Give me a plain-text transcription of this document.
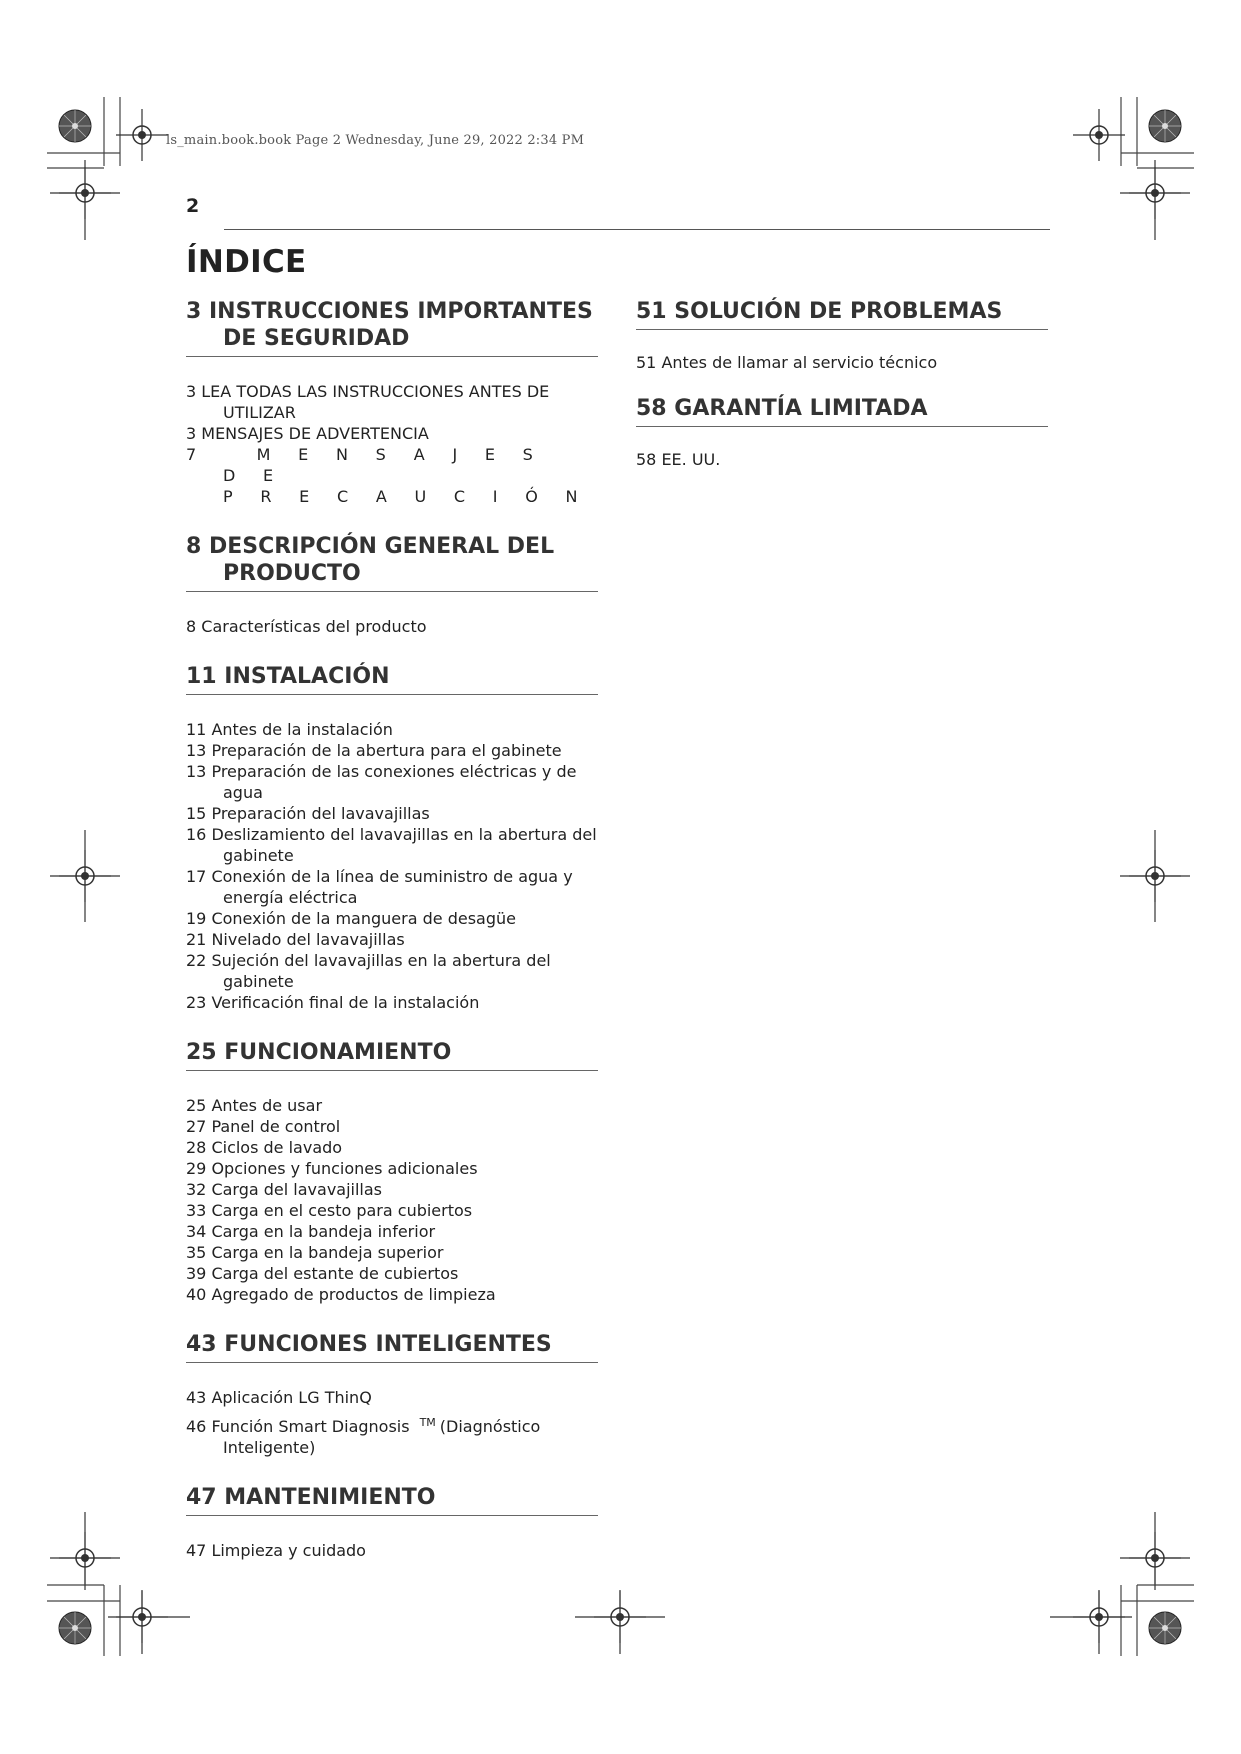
ls_main.book.book Page 2 Wednesday, June 29, 2022 2:34 PM
2
ÍNDICE
3 INSTRUCCIONES IMPORTANTES DE SEGURIDAD
3 LEA TODAS LAS INSTRUCCIONES ANTES DE UTILIZAR
3 MENSAJES DE ADVERTENCIA
7 MENSAJES DE PRECAUCIÓN
8 DESCRIPCIÓN GENERAL DEL PRODUCTO
8 Características del producto
11 INSTALACIÓN
11 Antes de la instalación
13 Preparación de la abertura para el gabinete
13 Preparación de las conexiones eléctricas y de agua
15 Preparación del lavavajillas
16 Deslizamiento del lavavajillas en la abertura del gabinete
17 Conexión de la línea de suministro de agua y energía eléctrica
19 Conexión de la manguera de desagüe
21 Nivelado del lavavajillas
22 Sujeción del lavavajillas en la abertura del gabinete
23 Verificación final de la instalación
25 FUNCIONAMIENTO
25 Antes de usar
27 Panel de control
28 Ciclos de lavado
29 Opciones y funciones adicionales
32 Carga del lavavajillas
33 Carga en el cesto para cubiertos
34 Carga en la bandeja inferior
35 Carga en la bandeja superior
39 Carga del estante de cubiertos
40 Agregado de productos de limpieza
43 FUNCIONES INTELIGENTES
43 Aplicación LG ThinQ
46 Función Smart Diagnosis ™ (Diagnóstico Inteligente)
47 MANTENIMIENTO
47 Limpieza y cuidado
51 SOLUCIÓN DE PROBLEMAS
51 Antes de llamar al servicio técnico
58 GARANTÍA LIMITADA
58 EE. UU.
